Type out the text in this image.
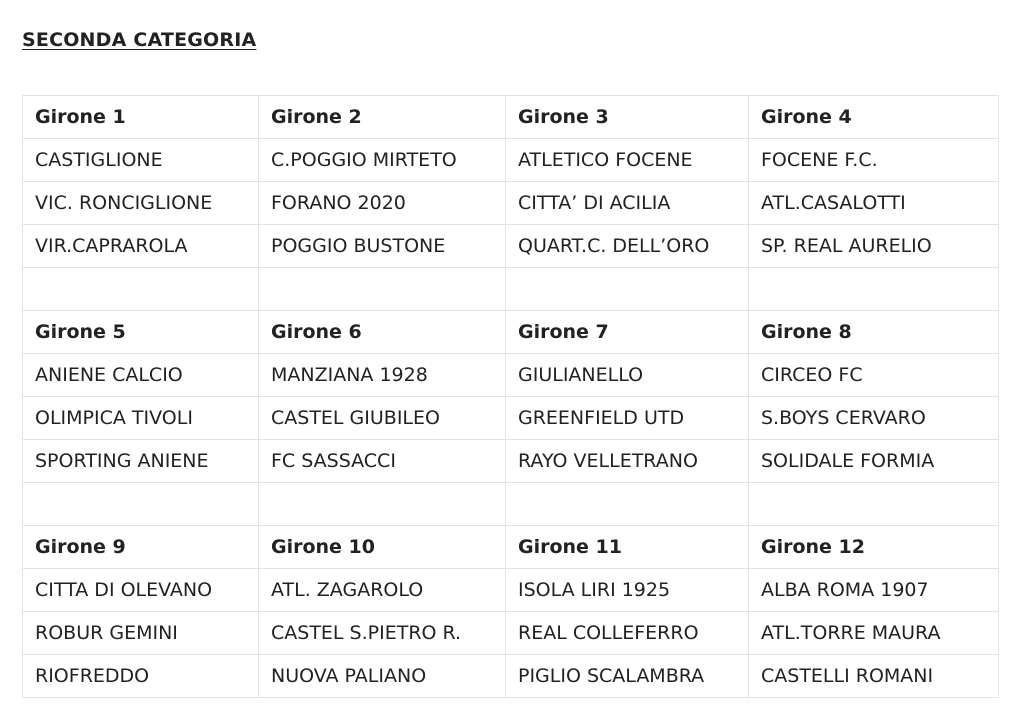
SECONDA CATEGORIA
Girone 1	Girone 2	Girone 3	Girone 4
CASTIGLIONE	C.POGGIO MIRTETO	ATLETICO FOCENE	FOCENE F.C.
VIC. RONCIGLIONE	FORANO 2020	CITTA’ DI ACILIA	ATL.CASALOTTI
VIR.CAPRAROLA	POGGIO BUSTONE	QUART.C. DELL’ORO	SP. REAL AURELIO

Girone 5	Girone 6	Girone 7	Girone 8
ANIENE CALCIO	MANZIANA 1928	GIULIANELLO	CIRCEO FC
OLIMPICA TIVOLI	CASTEL GIUBILEO	GREENFIELD UTD	S.BOYS CERVARO
SPORTING ANIENE	FC SASSACCI	RAYO VELLETRANO	SOLIDALE FORMIA

Girone 9	Girone 10	Girone 11	Girone 12
CITTA DI OLEVANO	ATL. ZAGAROLO	ISOLA LIRI 1925	ALBA ROMA 1907
ROBUR GEMINI	CASTEL S.PIETRO R.	REAL COLLEFERRO	ATL.TORRE MAURA
RIOFREDDO	NUOVA PALIANO	PIGLIO SCALAMBRA	CASTELLI ROMANI
